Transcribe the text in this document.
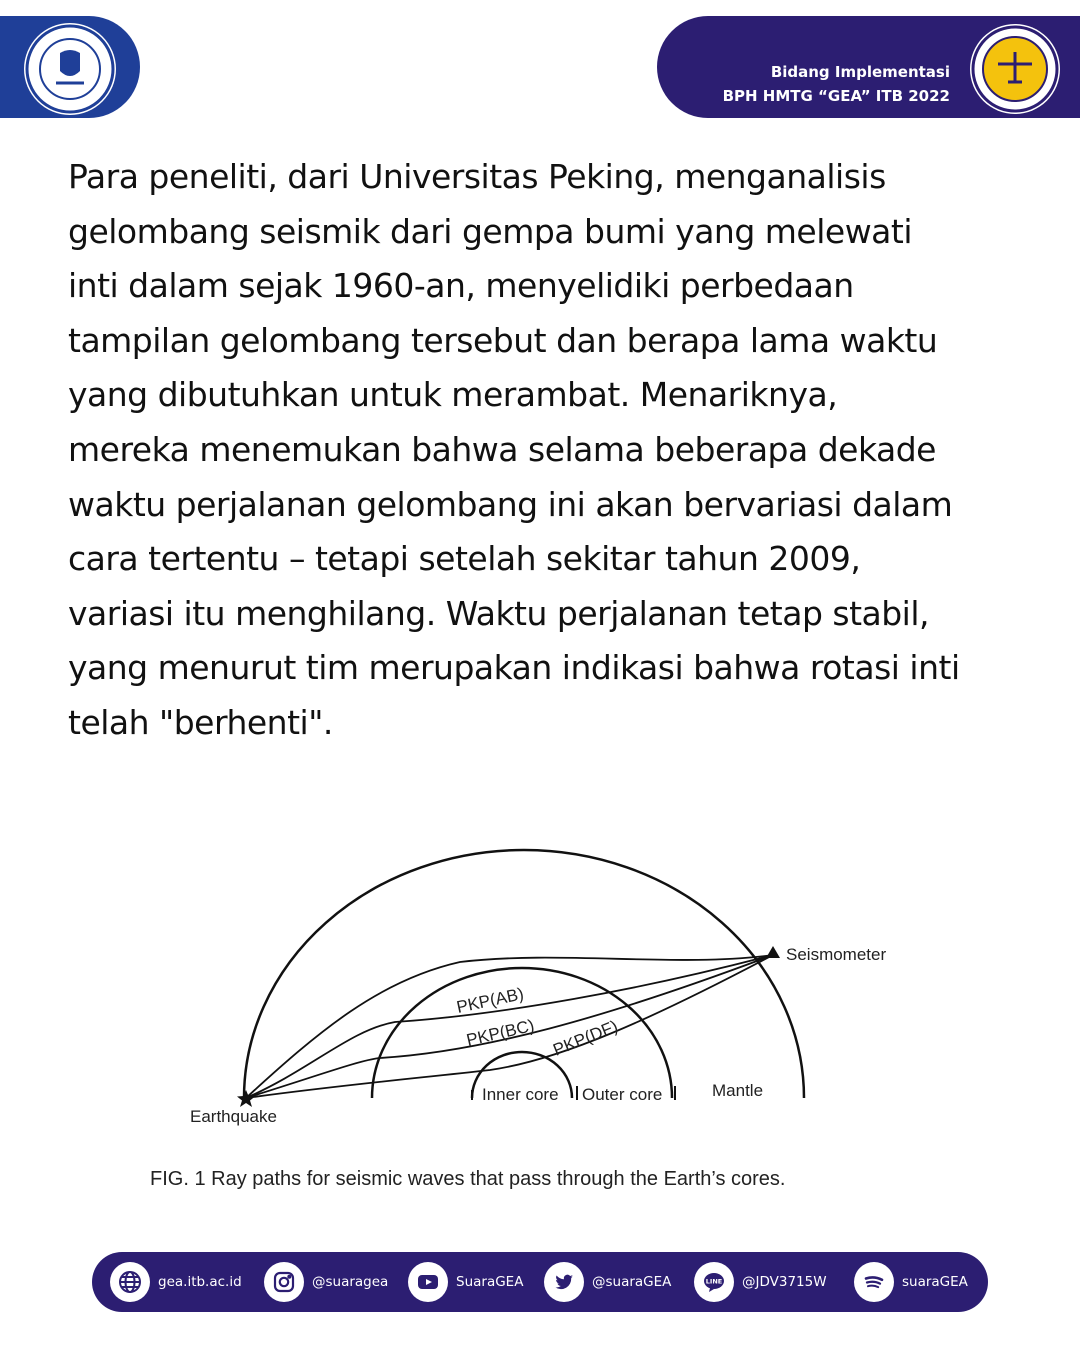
Bidang Implementasi
BPH HMTG “GEA” ITB 2022
Para peneliti, dari Universitas Peking, menganalisis
gelombang seismik dari gempa bumi yang melewati
inti dalam sejak 1960-an, menyelidiki perbedaan
tampilan gelombang tersebut dan berapa lama waktu
yang dibutuhkan untuk merambat. Menariknya,
mereka menemukan bahwa selama beberapa dekade
waktu perjalanan gelombang ini akan bervariasi dalam
cara tertentu – tetapi setelah sekitar tahun 2009,
variasi itu menghilang. Waktu perjalanan tetap stabil,
yang menurut tim merupakan indikasi bahwa rotasi inti
telah "berhenti".
Seismometer
Earthquake
PKP(AB)
PKP(BC) PKP(DF)
Inner core Outer core	Mantle
FIG. 1 Ray paths for seismic waves that pass through the Earth’s cores.
gea.itb.ac.id	@suaragea	SuaraGEA	@suaraGEA	LINE @JDV3715W	suaraGEA
